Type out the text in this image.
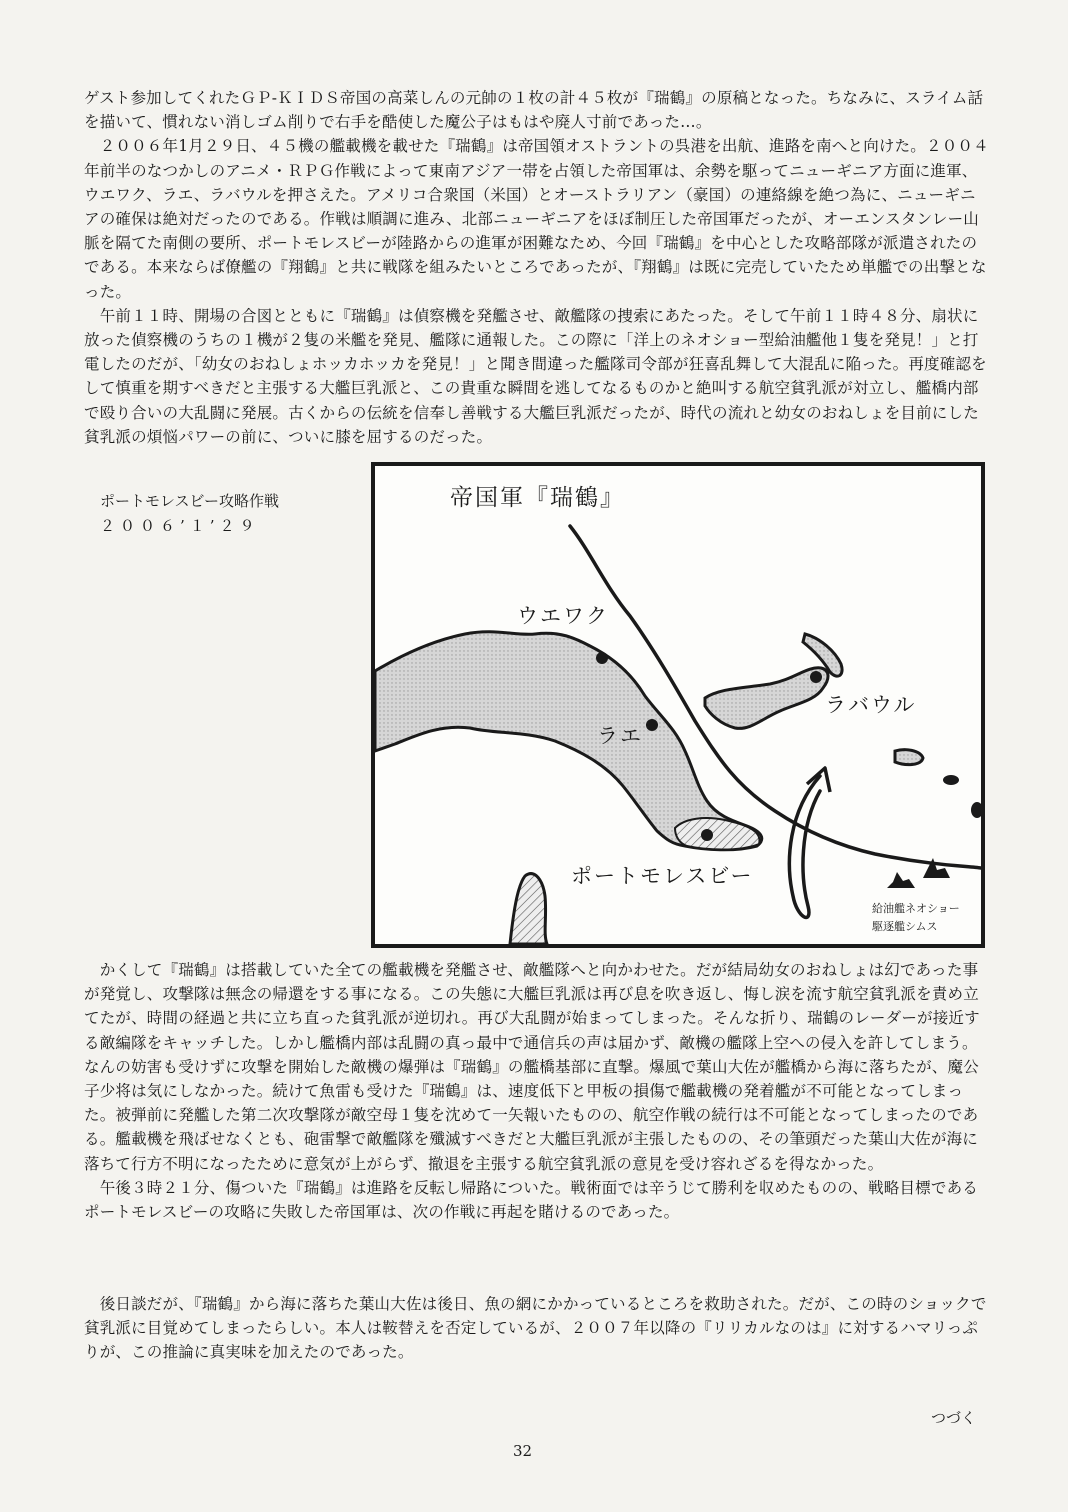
ゲスト参加してくれたＧＰ-ＫＩＤＳ帝国の高菜しんの元帥の１枚の計４５枚が『瑞鶴』の原稿となった。ちなみに、スライム話を描いて、慣れない消しゴム削りで右手を酷使した魔公子はもはや廃人寸前であった…。
　２００６年1月２９日、４５機の艦載機を載せた『瑞鶴』は帝国領オストラントの呉港を出航、進路を南へと向けた。２００４年前半のなつかしのアニメ・ＲＰＧ作戦によって東南アジア一帯を占領した帝国軍は、余勢を駆ってニューギニア方面に進軍、ウエワク、ラエ、ラバウルを押さえた。アメリコ合衆国（米国）とオーストラリアン（豪国）の連絡線を絶つ為に、ニューギニアの確保は絶対だったのである。作戦は順調に進み、北部ニューギニアをほぼ制圧した帝国軍だったが、オーエンスタンレー山脈を隔てた南側の要所、ポートモレスビーが陸路からの進軍が困難なため、今回『瑞鶴』を中心とした攻略部隊が派遣されたのである。本来ならば僚艦の『翔鶴』と共に戦隊を組みたいところであったが、『翔鶴』は既に完売していたため単艦での出撃となった。
　午前１１時、開場の合図とともに『瑞鶴』は偵察機を発艦させ、敵艦隊の捜索にあたった。そして午前１１時４８分、扇状に放った偵察機のうちの１機が２隻の米艦を発見、艦隊に通報した。この際に「洋上のネオショー型給油艦他１隻を発見！」と打電したのだが、「幼女のおねしょホッカホッカを発見！」と聞き間違った艦隊司令部が狂喜乱舞して大混乱に陥った。再度確認をして慎重を期すべきだと主張する大艦巨乳派と、この貴重な瞬間を逃してなるものかと絶叫する航空貧乳派が対立し、艦橋内部で殴り合いの大乱闘に発展。古くからの伝統を信奉し善戦する大艦巨乳派だったが、時代の流れと幼女のおねしょを目前にした貧乳派の煩悩パワーの前に、ついに膝を屈するのだった。

ポートモレスビー攻略作戦
２００６’１’２９
帝国軍『瑞鶴』
ウエワク
ラエ
ラバウル
ポートモレスビー
給油艦ネオショー
駆逐艦シムス

　かくして『瑞鶴』は搭載していた全ての艦載機を発艦させ、敵艦隊へと向かわせた。だが結局幼女のおねしょは幻であった事が発覚し、攻撃隊は無念の帰還をする事になる。この失態に大艦巨乳派は再び息を吹き返し、悔し涙を流す航空貧乳派を責め立てたが、時間の経過と共に立ち直った貧乳派が逆切れ。再び大乱闘が始まってしまった。そんな折り、瑞鶴のレーダーが接近する敵編隊をキャッチした。しかし艦橋内部は乱闘の真っ最中で通信兵の声は届かず、敵機の艦隊上空への侵入を許してしまう。なんの妨害も受けずに攻撃を開始した敵機の爆弾は『瑞鶴』の艦橋基部に直撃。爆風で葉山大佐が艦橋から海に落ちたが、魔公子少将は気にしなかった。続けて魚雷も受けた『瑞鶴』は、速度低下と甲板の損傷で艦載機の発着艦が不可能となってしまった。被弾前に発艦した第二次攻撃隊が敵空母１隻を沈めて一矢報いたものの、航空作戦の続行は不可能となってしまったのである。艦載機を飛ばせなくとも、砲雷撃で敵艦隊を殲滅すべきだと大艦巨乳派が主張したものの、その筆頭だった葉山大佐が海に落ちて行方不明になったために意気が上がらず、撤退を主張する航空貧乳派の意見を受け容れざるを得なかった。
　午後３時２１分、傷ついた『瑞鶴』は進路を反転し帰路についた。戦術面では辛うじて勝利を収めたものの、戦略目標であるポートモレスビーの攻略に失敗した帝国軍は、次の作戦に再起を賭けるのであった。

　後日談だが、『瑞鶴』から海に落ちた葉山大佐は後日、魚の網にかかっているところを救助された。だが、この時のショックで貧乳派に目覚めてしまったらしい。本人は鞍替えを否定しているが、２００７年以降の『リリカルなのは』に対するハマリっぷりが、この推論に真実味を加えたのであった。

つづく
32
